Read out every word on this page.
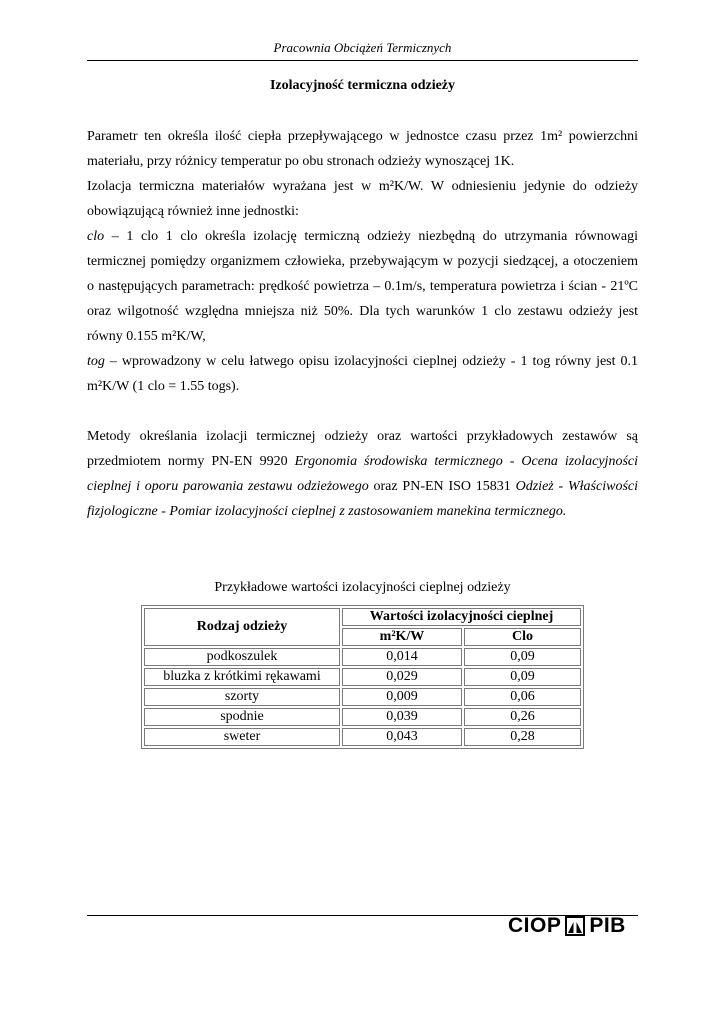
Pracownia Obciążeń Termicznych
Izolacyjność termiczna odzieży

Parametr ten określa ilość ciepła przepływającego w jednostce czasu przez 1m² powierzchni materiału, przy różnicy temperatur po obu stronach odzieży wynoszącej 1K.

Izolacja termiczna materiałów wyrażana jest w m²K/W. W odniesieniu jedynie do odzieży obowiązującą również inne jednostki:

clo – 1 clo 1 clo określa izolację termiczną odzieży niezbędną do utrzymania równowagi termicznej pomiędzy organizmem człowieka, przebywającym w pozycji siedzącej, a otoczeniem o następujących parametrach: prędkość powietrza – 0.1m/s, temperatura powietrza i ścian - 21ºC oraz wilgotność względna mniejsza niż 50%. Dla tych warunków 1 clo zestawu odzieży jest równy 0.155 m²K/W,

tog – wprowadzony w celu łatwego opisu izolacyjności cieplnej odzieży - 1 tog równy jest 0.1 m²K/W (1 clo = 1.55 togs).

Metody określania izolacji termicznej odzieży oraz wartości przykładowych zestawów są przedmiotem normy PN-EN 9920 Ergonomia środowiska termicznego - Ocena izolacyjności cieplnej i oporu parowania zestawu odzieżowego oraz PN-EN ISO 15831 Odzież - Właściwości fizjologiczne - Pomiar izolacyjności cieplnej z zastosowaniem manekina termicznego.

Przykładowe wartości izolacyjności cieplnej odzieży
Rodzaj odzieży	Wartości izolacyjności cieplnej	
	m²K/W	Clo
podkoszulek	0,014	0,09
bluzka z krótkimi rękawami	0,029	0,09
szorty	0,009	0,06
spodnie	0,039	0,26
sweter	0,043	0,28
CIOP PIB
